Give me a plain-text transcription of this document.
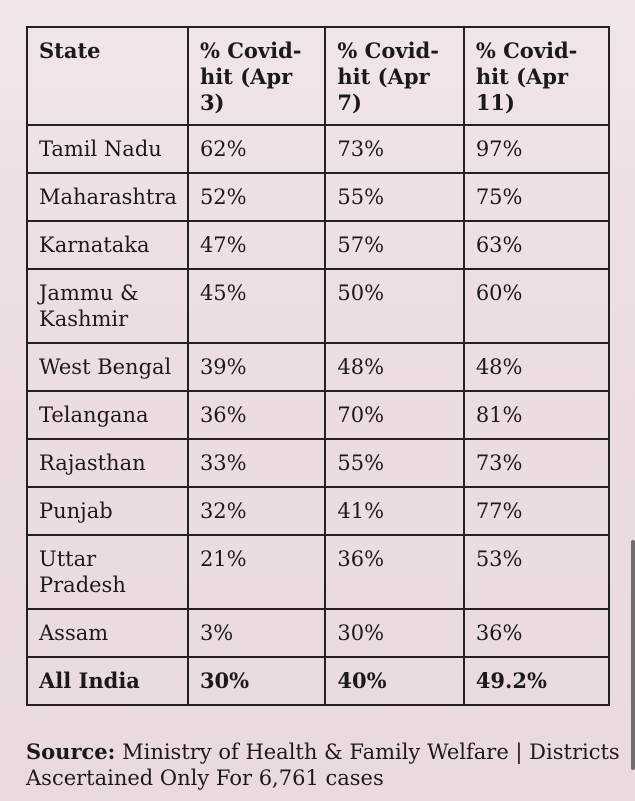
State	% Covid-hit (Apr 3)	% Covid-hit (Apr 7)	% Covid-hit (Apr 11)
Tamil Nadu	62%	73%	97%
Maharashtra	52%	55%	75%
Karnataka	47%	57%	63%
Jammu & Kashmir	45%	50%	60%
West Bengal	39%	48%	48%
Telangana	36%	70%	81%
Rajasthan	33%	55%	73%
Punjab	32%	41%	77%
Uttar Pradesh	21%	36%	53%
Assam	3%	30%	36%
All India	30%	40%	49.2%
Source: Ministry of Health & Family Welfare | Districts Ascertained Only For 6,761 cases
